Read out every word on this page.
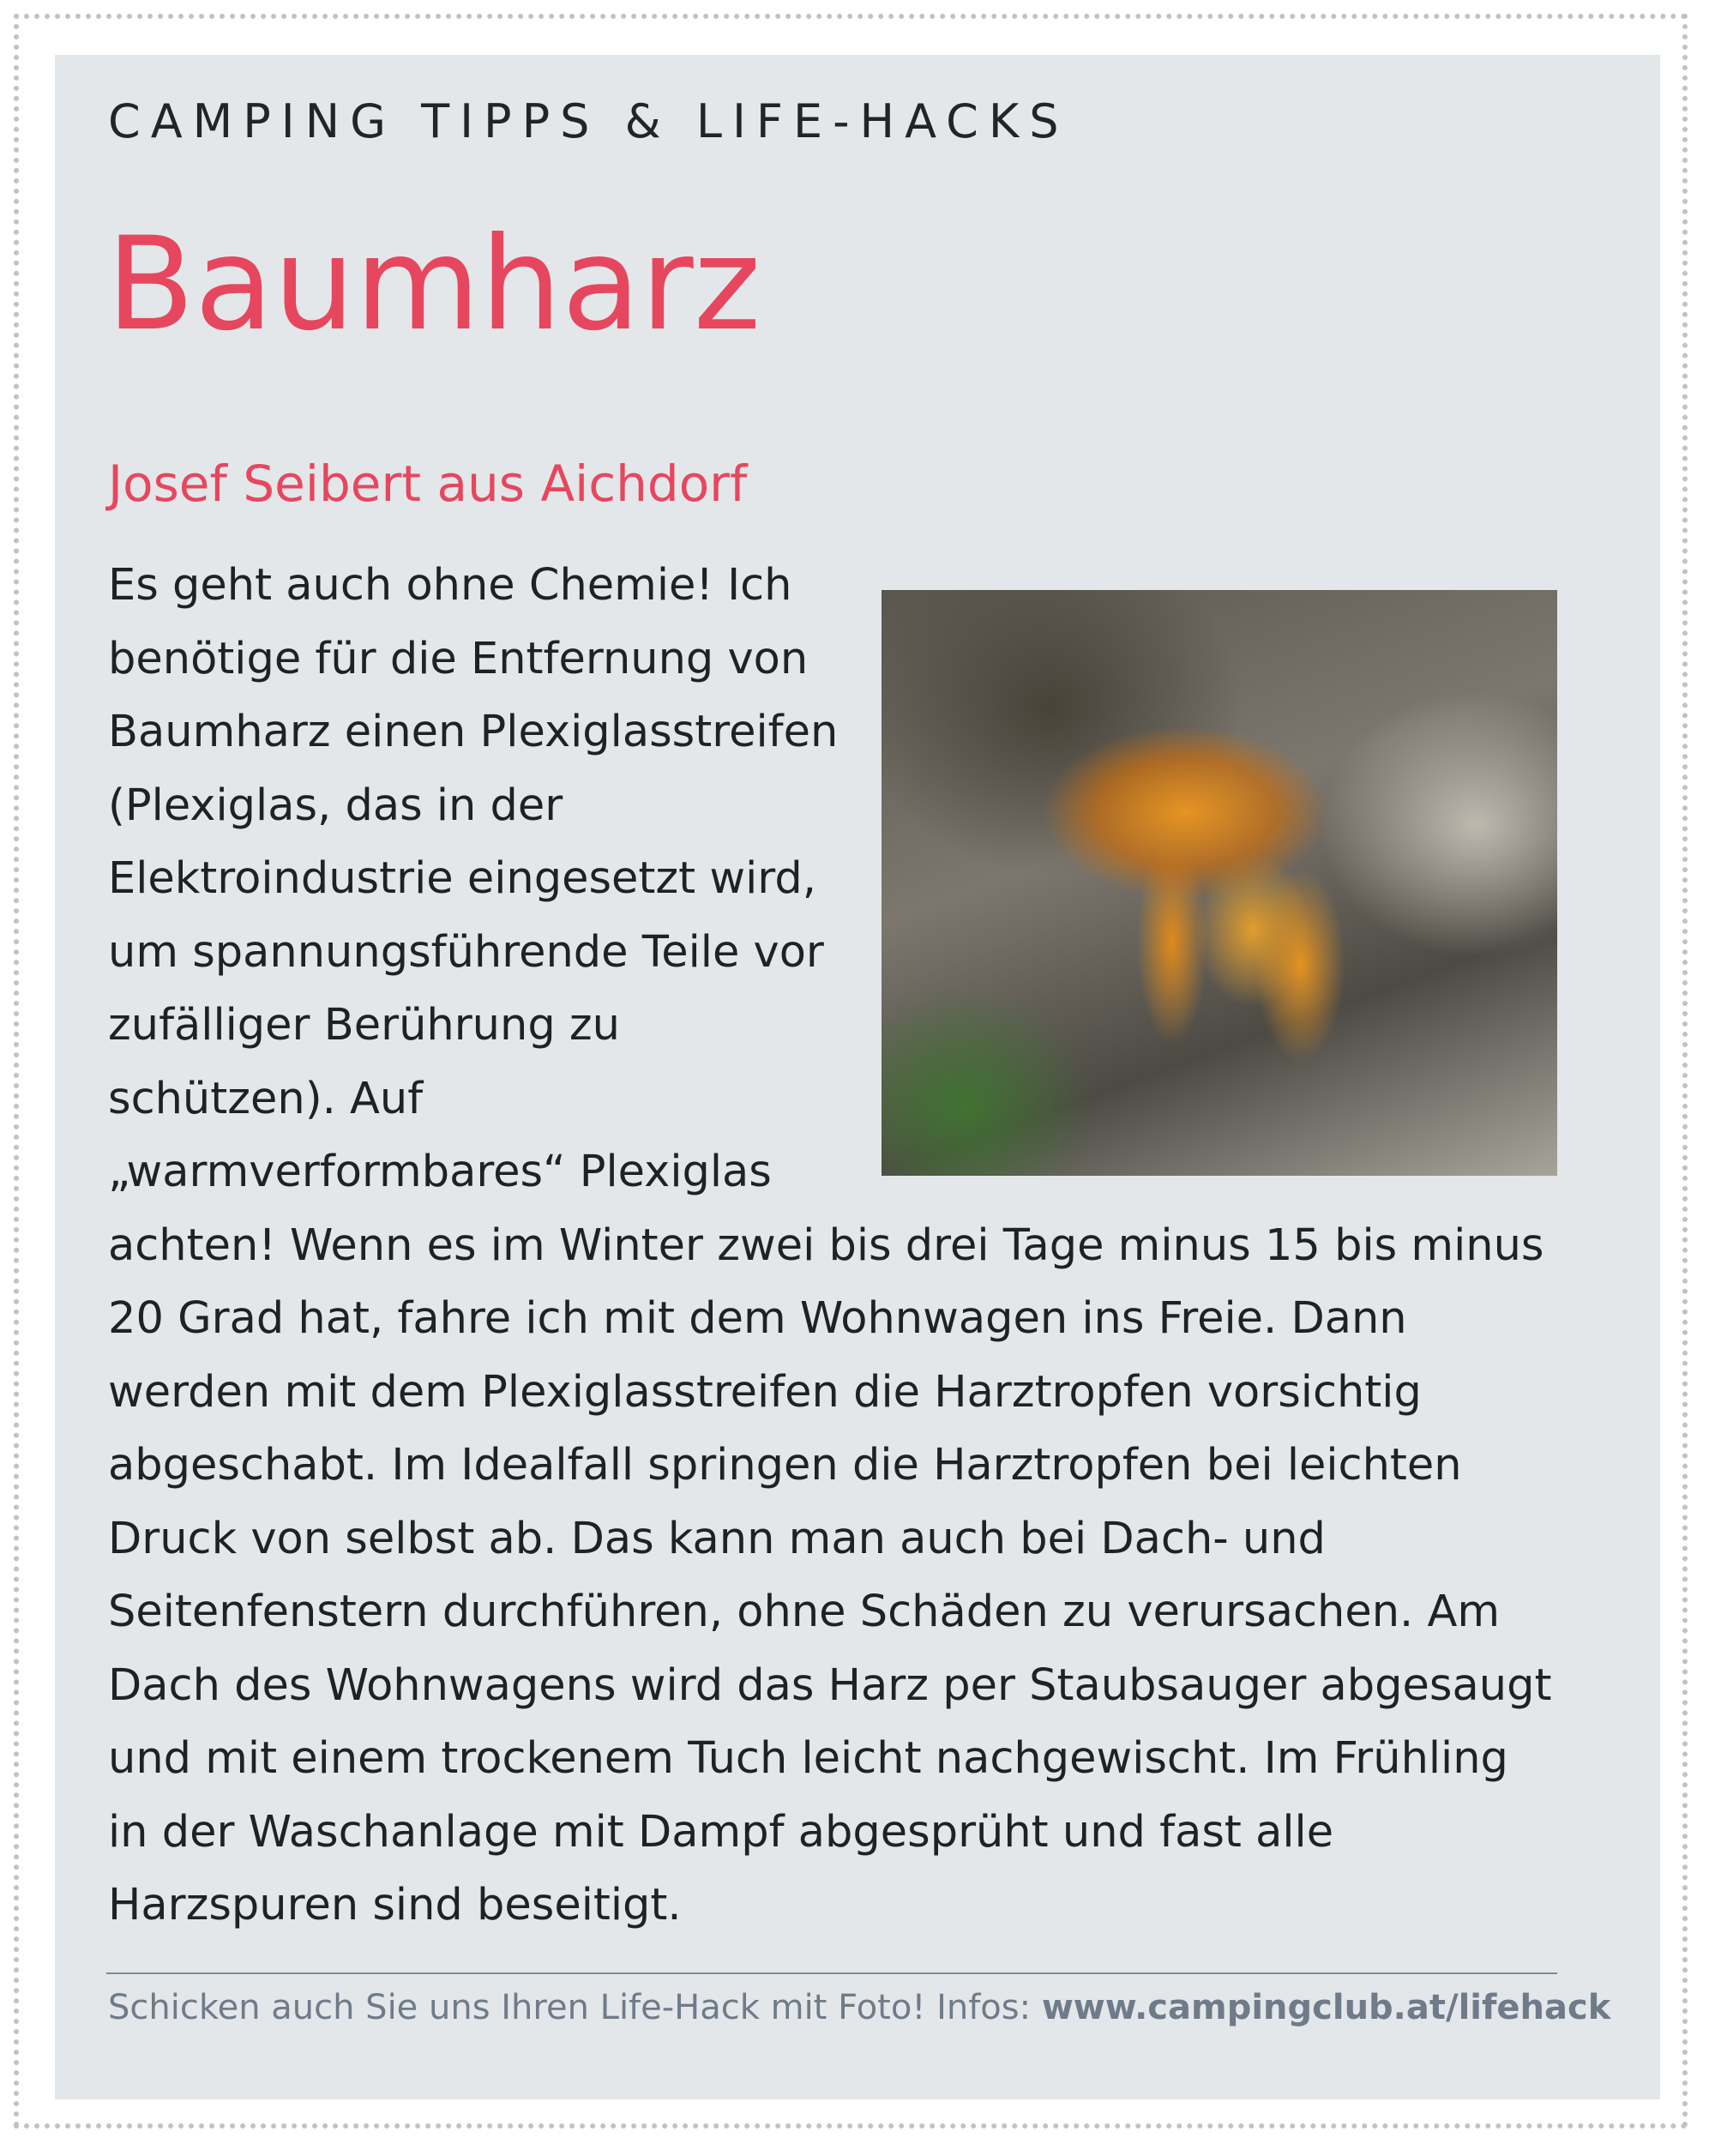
CAMPING TIPPS & LIFE-HACKS
Baumharz
Josef Seibert aus Aichdorf
Es geht auch ohne Chemie! Ich benötige für die Entfernung von Baumharz einen Plexiglasstreifen (Plexiglas, das in der Elektroindustrie eingesetzt wird, um spannungsführende Teile vor zufälliger Berührung zu schützen). Auf „warmverformbares“ Plexiglas achten! Wenn es im Winter zwei bis drei Tage minus 15 bis minus 20 Grad hat, fahre ich mit dem Wohnwagen ins Freie. Dann werden mit dem Plexiglasstreifen die Harztropfen vorsichtig abgeschabt. Im Idealfall springen die Harztropfen bei leichten Druck von selbst ab. Das kann man auch bei Dach- und Seitenfenstern durchführen, ohne Schäden zu verursachen. Am Dach des Wohnwagens wird das Harz per Staubsauger abgesaugt und mit einem trockenem Tuch leicht nachgewischt. Im Frühling in der Waschanlage mit Dampf abgesprüht und fast alle Harzspuren sind beseitigt.

Schicken auch Sie uns Ihren Life-Hack mit Foto! Infos: www.campingclub.at/lifehack
